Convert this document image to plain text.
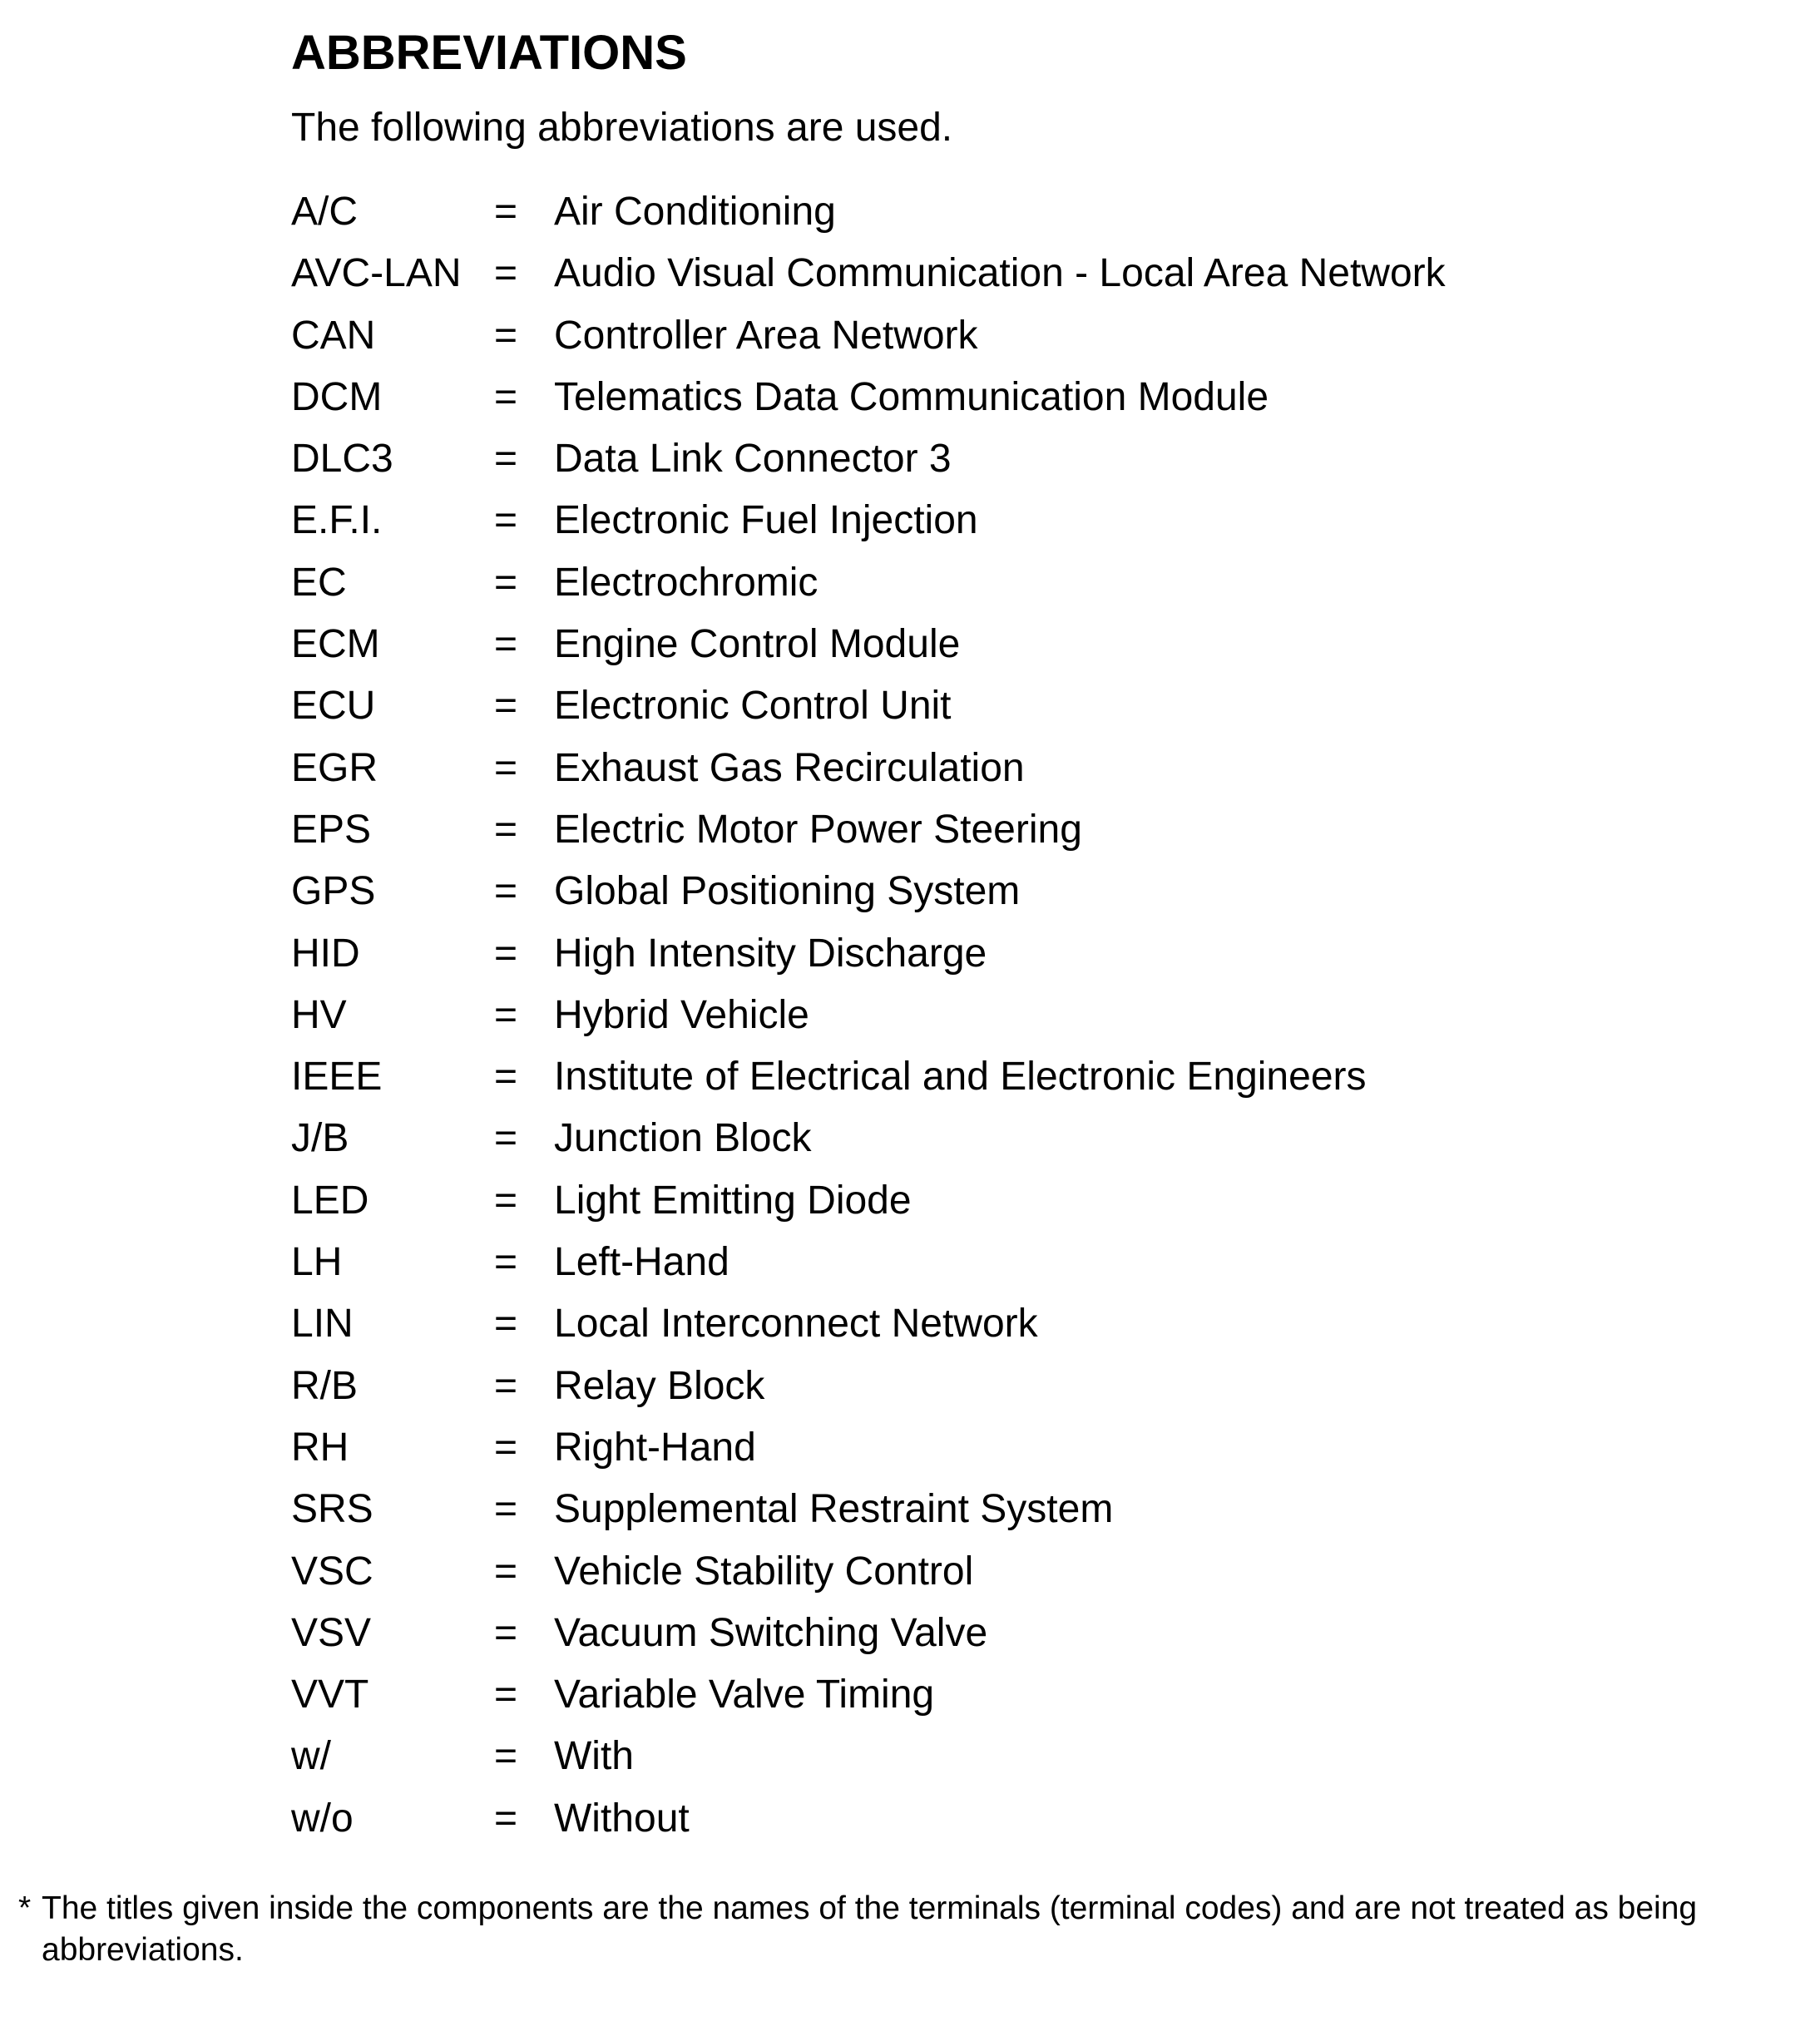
ABBREVIATIONS
The following abbreviations are used.
A/C	= Air Conditioning
AVC-LAN = Audio Visual Communication - Local Area Network
CAN	= Controller Area Network
DCM	= Telematics Data Communication Module
DLC3	= Data Link Connector 3
E.F.I.	= Electronic Fuel Injection
EC	= Electrochromic
ECM	= Engine Control Module
ECU	= Electronic Control Unit
EGR	= Exhaust Gas Recirculation
EPS	= Electric Motor Power Steering
GPS	= Global Positioning System
HID	= High Intensity Discharge
HV	= Hybrid Vehicle
IEEE	= Institute of Electrical and Electronic Engineers
J/B	= Junction Block
LED	= Light Emitting Diode
LH	= Left-Hand
LIN	= Local Interconnect Network
R/B	= Relay Block
RH	= Right-Hand
SRS	= Supplemental Restraint System
VSC	= Vehicle Stability Control
VSV	= Vacuum Switching Valve
VVT	= Variable Valve Timing
w/	= With
w/o	= Without
* The titles given inside the components are the names of the terminals (terminal codes) and are not treated as being abbreviations.
